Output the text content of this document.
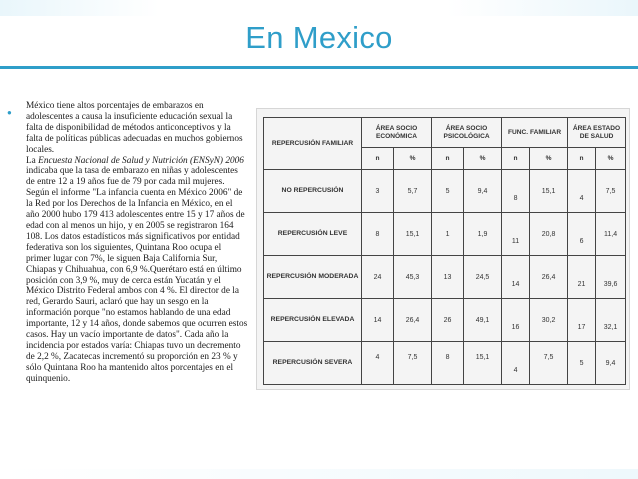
En Mexico
●

México tiene altos porcentajes de embarazos en adolescentes a causa la insuficiente educación sexual la falta de disponibilidad de métodos anticonceptivos y la falta de políticas públicas adecuadas en muchos gobiernos locales.

La Encuesta Nacional de Salud y Nutrición (ENSyN) 2006 indicaba que la tasa de embarazo en niñas y adolescentes de entre 12 a 19 años fue de 79 por cada mil mujeres. Según el informe "La infancia cuenta en México 2006" de la Red por los Derechos de la Infancia en México, en el año 2000 hubo 179 413 adolescentes entre 15 y 17 años de edad con al menos un hijo, y en 2005 se registraron 164 108. Los datos estadísticos más significativos por entidad federativa son los siguientes, Quintana Roo ocupa el primer lugar con 7%, le siguen Baja California Sur, Chiapas y Chihuahua, con 6,9 %.Querétaro está en último posición con 3,9 %, muy de cerca están Yucatán y el México Distrito Federal ambos con 4 %. El director de la red, Gerardo Sauri, aclaró que hay un sesgo en la información porque "no estamos hablando de una edad importante, 12 y 14 años, donde sabemos que ocurren estos casos. Hay un vacío importante de datos". Cada año la incidencia por estados varía: Chiapas tuvo un decremento de 2,2 %, Zacatecas incrementó su proporción en 23 % y sólo Quintana Roo ha mantenido altos porcentajes en el quinquenio.

REPERCUSIÓN FAMILIAR	ÁREA SOCIO ECONÓMICA		ÁREA SOCIO PSICOLÓGICA		FUNC. FAMILIAR		ÁREA ESTADO DE SALUD	
	n	%	n	%	n	%	n	%
NO REPERCUSIÓN	3	5,7	5	9,4	8	15,1	4	7,5

REPERCUSIÓN LEVE	8	15,1	1	1,9	11	20,8	6	11,4

REPERCUSIÓN MODERADA	24	45,3	13	24,5	14	26,4	21	39,6

REPERCUSIÓN ELEVADA	14	26,4	26	49,1	16	30,2	17	32,1

REPERCUSIÓN SEVERA	4	7,5	8	15,1	4	7,5	5	9,4
